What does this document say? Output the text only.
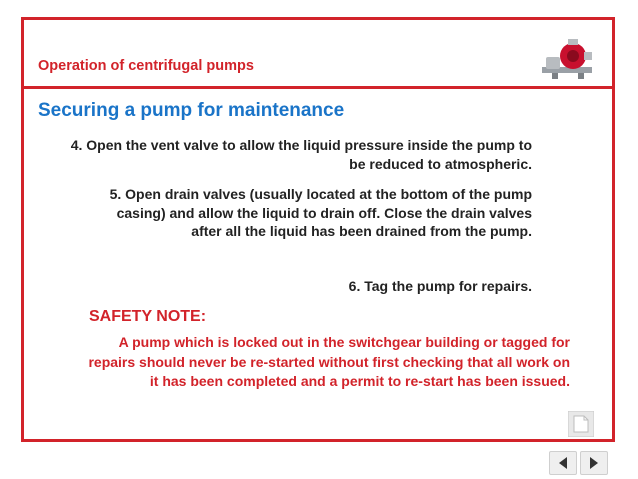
Operation of centrifugal pumps
Securing a pump for maintenance
4. Open the vent valve to allow the liquid pressure inside the pump to be reduced to atmospheric.
5. Open drain valves (usually located at the bottom of the pump casing) and allow the liquid to drain off. Close the drain valves after all the liquid has been drained from the pump.
6. Tag the pump for repairs.
SAFETY NOTE:
A pump which is locked out in the switchgear building or tagged for repairs should never be re-started without first checking that all work on it has been completed and a permit to re-start has been issued.
